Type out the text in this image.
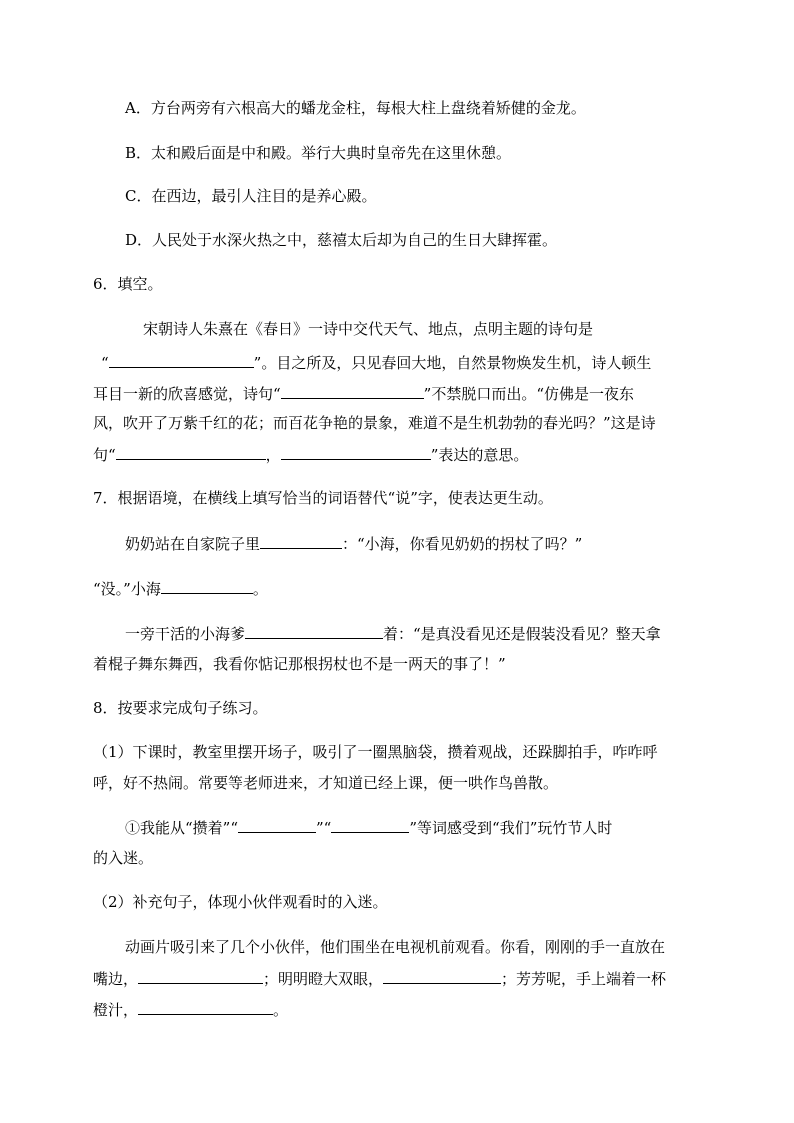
A．方台两旁有六根高大的蟠龙金柱，每根大柱上盘绕着矫健的金龙。
B．太和殿后面是中和殿。举行大典时皇帝先在这里休憩。
C．在西边，最引人注目的是养心殿。
D．人民处于水深火热之中，慈禧太后却为自己的生日大肆挥霍。
6．填空。
宋朝诗人朱熹在《春日》一诗中交代天气、地点，点明主题的诗句是
“	”。目之所及，只见春回大地，自然景物焕发生机，诗人顿生
耳目一新的欣喜感觉，诗句“	”不禁脱口而出。“仿佛是一夜东
风，吹开了万紫千红的花；而百花争艳的景象，难道不是生机勃勃的春光吗？”这是诗
句“	，	”表达的意思。
7．根据语境，在横线上填写恰当的词语替代“说”字，使表达更生动。
奶奶站在自家院子里	：“小海，你看见奶奶的拐杖了吗？”
“没。”小海	。
一旁干活的小海爹	着：“是真没看见还是假装没看见？整天拿
着棍子舞东舞西，我看你惦记那根拐杖也不是一两天的事了！”
8．按要求完成句子练习。
（1）下课时，教室里摆开场子，吸引了一圈黑脑袋，攒着观战，还跺脚拍手，咋咋呼
呼，好不热闹。常要等老师进来，才知道已经上课，便一哄作鸟兽散。
①我能从“攒着”“	”“	”等词感受到“我们”玩竹节人时
的入迷。
（2）补充句子，体现小伙伴观看时的入迷。
动画片吸引来了几个小伙伴，他们围坐在电视机前观看。你看，刚刚的手一直放在
嘴边，	；明明瞪大双眼，	；芳芳呢，手上端着一杯
橙汁，	。
